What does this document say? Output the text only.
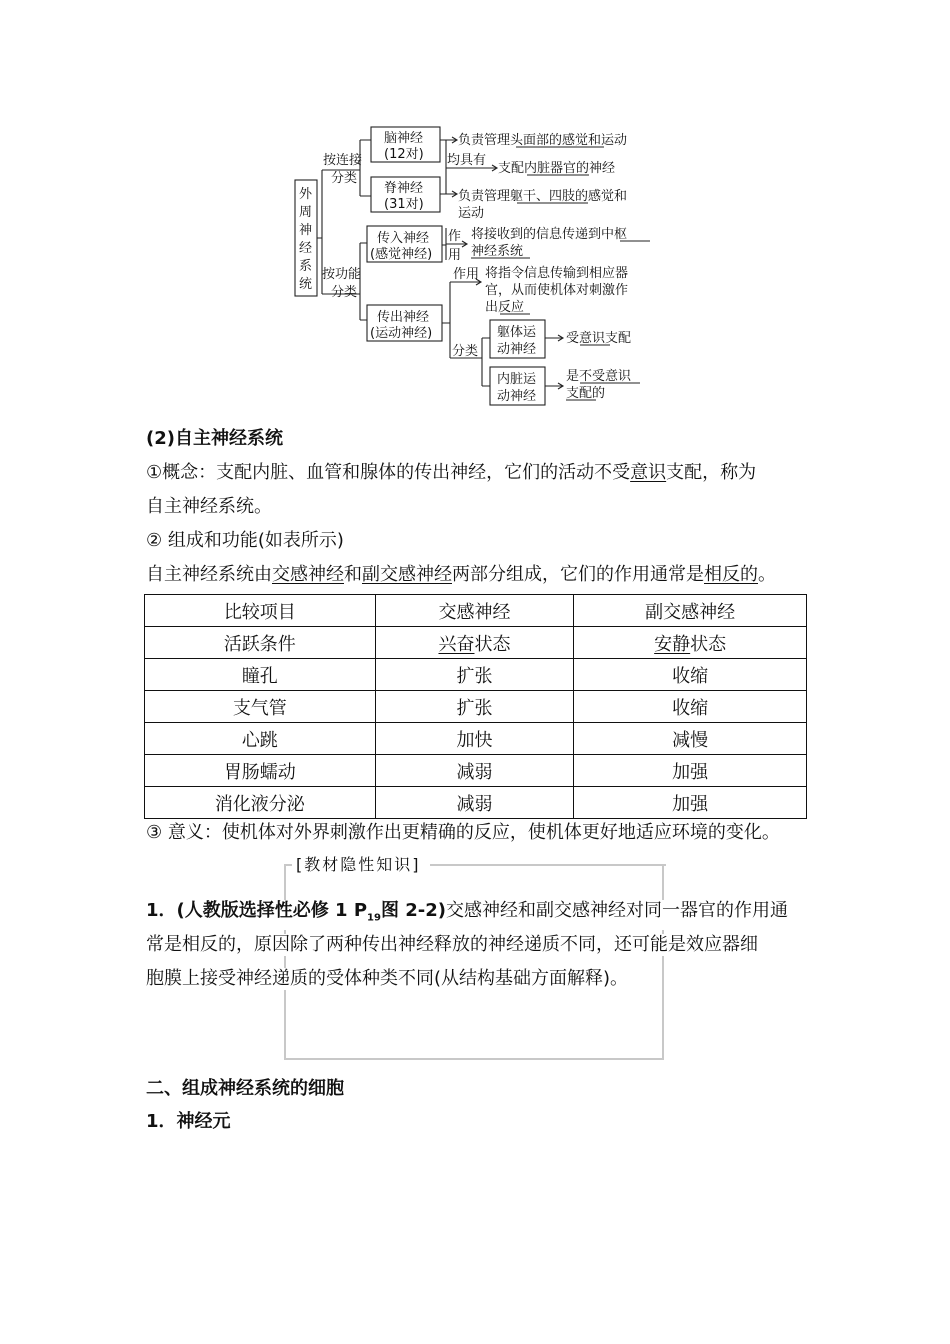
外
周
神
经
系
统
按连接
分类
按功能
分类
脑神经
(12对)
脊神经
(31对)
负责管理头面部的感觉和运动
均具有
支配内脏器官的神经
负责管理躯干、四肢的感觉和
运动
传入神经
(感觉神经)
作
用
将接收到的信息传递到中枢
神经系统
传出神经
(运动神经)
作用 将指令信息传输到相应器
官，从而使机体对刺激作
出反应
分类
躯体运
动神经
受意识支配
内脏运
动神经
是不受意识
支配的
(2)自主神经系统
①概念：支配内脏、血管和腺体的传出神经，它们的活动不受意识支配，称为
自主神经系统。
② 组成和功能(如表所示)
自主神经系统由交感神经和副交感神经两部分组成，它们的作用通常是相反的。
比较项目	交感神经	副交感神经
活跃条件	兴奋状态	安静状态
瞳孔	扩张	收缩
支气管	扩张	收缩
心跳	加快	减慢
胃肠蠕动	减弱	加强
消化液分泌	减弱	加强
③ 意义：使机体对外界刺激作出更精确的反应，使机体更好地适应环境的变化。
[教材隐性知识]
1．(人教版选择性必修 1 $P_{19}$图 2-2)交感神经和副交感神经对同一器官的作用通
常是相反的，原因除了两种传出神经释放的神经递质不同，还可能是效应器细
胞膜上接受神经递质的受体种类不同(从结构基础方面解释)。
二、组成神经系统的细胞
1．神经元
